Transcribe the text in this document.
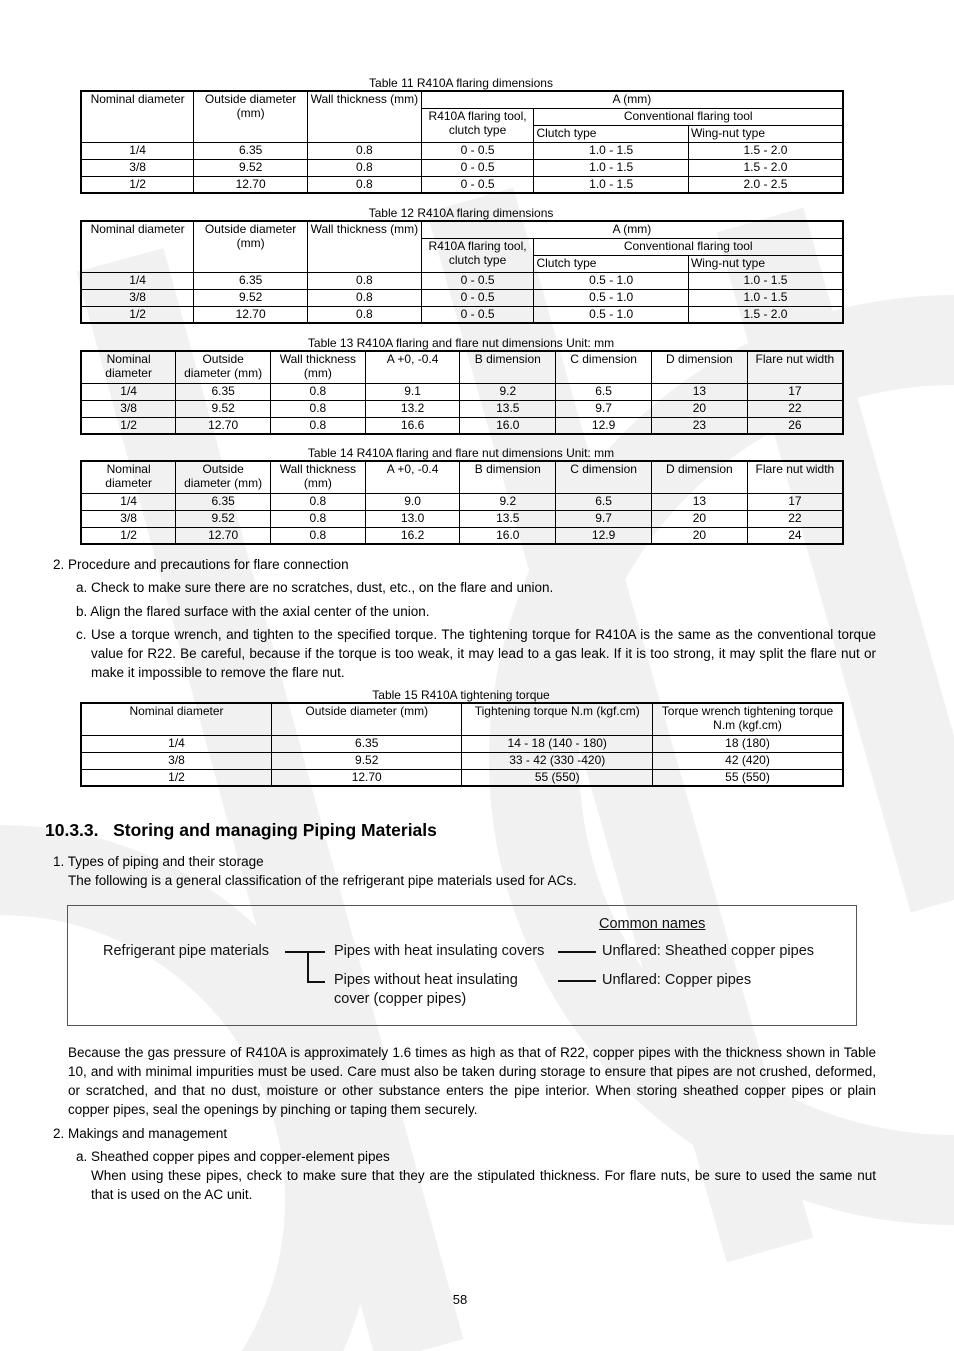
Table 11 R410A flaring dimensions
Nominal diameter	Outside diameter (mm)	Wall thickness (mm)	A (mm)		
			R410A flaring tool, clutch type	Conventional flaring tool	
				Clutch type	Wing-nut type
1/4	6.35	0.8	0 - 0.5	1.0 - 1.5	1.5 - 2.0
3/8	9.52	0.8	0 - 0.5	1.0 - 1.5	1.5 - 2.0
1/2	12.70	0.8	0 - 0.5	1.0 - 1.5	2.0 - 2.5
Table 12 R410A flaring dimensions
Nominal diameter	Outside diameter (mm)	Wall thickness (mm)	A (mm)		
			R410A flaring tool, clutch type	Conventional flaring tool	
				Clutch type	Wing-nut type
1/4	6.35	0.8	0 - 0.5	0.5 - 1.0	1.0 - 1.5
3/8	9.52	0.8	0 - 0.5	0.5 - 1.0	1.0 - 1.5
1/2	12.70	0.8	0 - 0.5	0.5 - 1.0	1.5 - 2.0
Table 13 R410A flaring and flare nut dimensions Unit: mm
Nominal diameter	Outside diameter (mm)	Wall thickness (mm)	A +0, -0.4	B dimension	C dimension	D dimension	Flare nut width
1/4	6.35	0.8	9.1	9.2	6.5	13	17
3/8	9.52	0.8	13.2	13.5	9.7	20	22
1/2	12.70	0.8	16.6	16.0	12.9	23	26
Table 14 R410A flaring and flare nut dimensions Unit: mm
Nominal diameter	Outside diameter (mm)	Wall thickness (mm)	A +0, -0.4	B dimension	C dimension	D dimension	Flare nut width
1/4	6.35	0.8	9.0	9.2	6.5	13	17
3/8	9.52	0.8	13.0	13.5	9.7	20	22
1/2	12.70	0.8	16.2	16.0	12.9	20	24
2. Procedure and precautions for flare connection
a. Check to make sure there are no scratches, dust, etc., on the flare and union.
b. Align the flared surface with the axial center of the union.
c. Use a torque wrench, and tighten to the specified torque. The tightening torque for R410A is the same as the conventional torque value for R22. Be careful, because if the torque is too weak, it may lead to a gas leak. If it is too strong, it may split the flare nut or make it impossible to remove the flare nut.
Table 15 R410A tightening torque
Nominal diameter	Outside diameter (mm)	Tightening torque N.m (kgf.cm)	Torque wrench tightening torque N.m (kgf.cm)
1/4	6.35	14 - 18 (140 - 180)	18 (180)
3/8	9.52	33 - 42 (330 -420)	42 (420)
1/2	12.70	55 (550)	55 (550)
10.3.3.   Storing and managing Piping Materials
1. Types of piping and their storage
The following is a general classification of the refrigerant pipe materials used for ACs.
Common names
Refrigerant pipe materials	Pipes with heat insulating covers
Pipes without heat insulating
cover (copper pipes)
Unflared: Sheathed copper pipes
Unflared: Copper pipes
Because the gas pressure of R410A is approximately 1.6 times as high as that of R22, copper pipes with the thickness shown in Table 10, and with minimal impurities must be used. Care must also be taken during storage to ensure that pipes are not crushed, deformed, or scratched, and that no dust, moisture or other substance enters the pipe interior. When storing sheathed copper pipes or plain copper pipes, seal the openings by pinching or taping them securely.
2. Makings and management
a. Sheathed copper pipes and copper-element pipes
When using these pipes, check to make sure that they are the stipulated thickness. For flare nuts, be sure to used the same nut that is used on the AC unit.
58
